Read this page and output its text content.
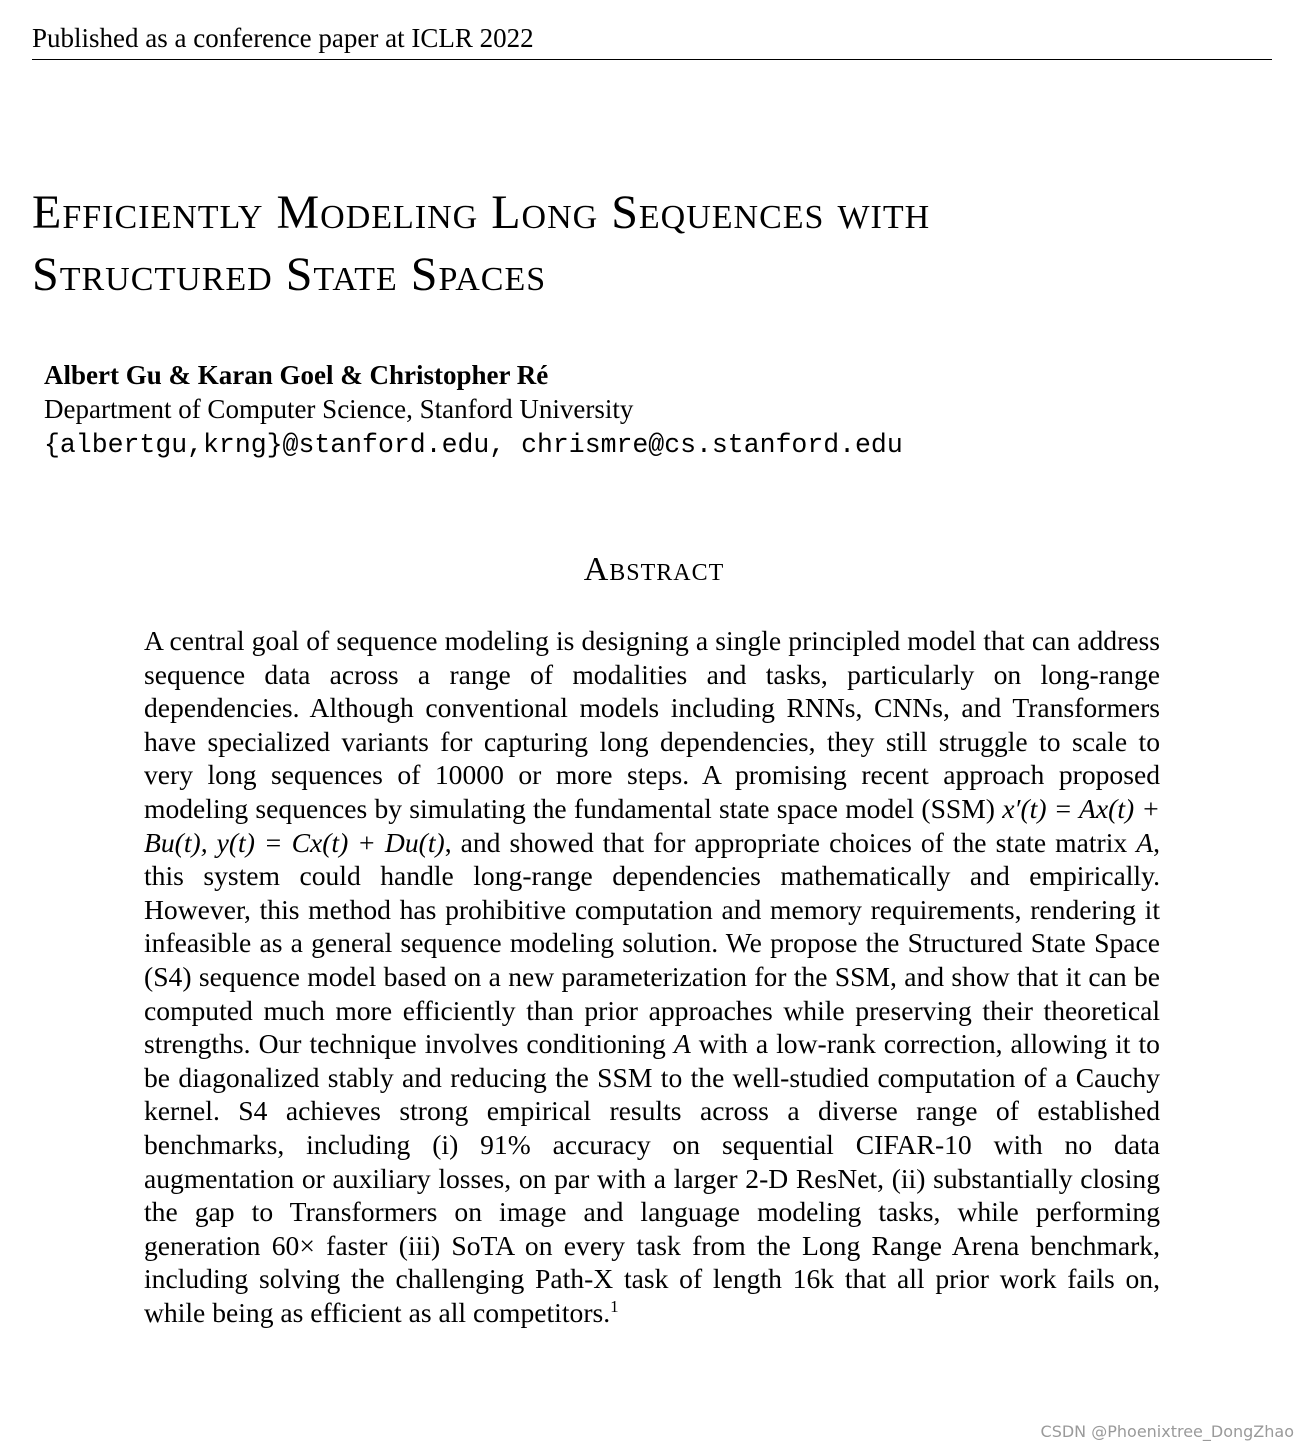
Published as a conference paper at ICLR 2022
Efficiently Modeling Long Sequences with
Structured State Spaces
Albert Gu & Karan Goel & Christopher Ré
Department of Computer Science, Stanford University
{albertgu,krng}@stanford.edu, chrismre@cs.stanford.edu
Abstract

A central goal of sequence modeling is designing a single principled model that can address sequence data across a range of modalities and tasks, particularly on long-range dependencies. Although conventional models including RNNs, CNNs, and Transformers have specialized variants for capturing long dependencies, they still struggle to scale to very long sequences of 10000 or more steps. A promising recent approach proposed modeling sequences by simulating the fundamental state space model (SSM) x′(t) = Ax(t) + Bu(t), y(t) = Cx(t) + Du(t), and showed that for appropriate choices of the state matrix A, this system could handle long-range dependencies mathematically and empirically. However, this method has prohibitive computation and memory requirements, rendering it infeasible as a general sequence modeling solution. We propose the Structured State Space (S4) sequence model based on a new parameterization for the SSM, and show that it can be computed much more efficiently than prior approaches while preserving their theoretical strengths. Our technique involves conditioning A with a low-rank correction, allowing it to be diagonalized stably and reducing the SSM to the well-studied computation of a Cauchy kernel. S4 achieves strong empirical results across a diverse range of established benchmarks, including (i) 91% accuracy on sequential CIFAR-10 with no data augmentation or auxiliary losses, on par with a larger 2-D ResNet, (ii) substantially closing the gap to Transformers on image and language modeling tasks, while performing generation 60× faster (iii) SoTA on every task from the Long Range Arena benchmark, including solving the challenging Path-X task of length 16k that all prior work fails on, while being as efficient as all competitors.$^1$

CSDN @Phoenixtree_DongZhao
